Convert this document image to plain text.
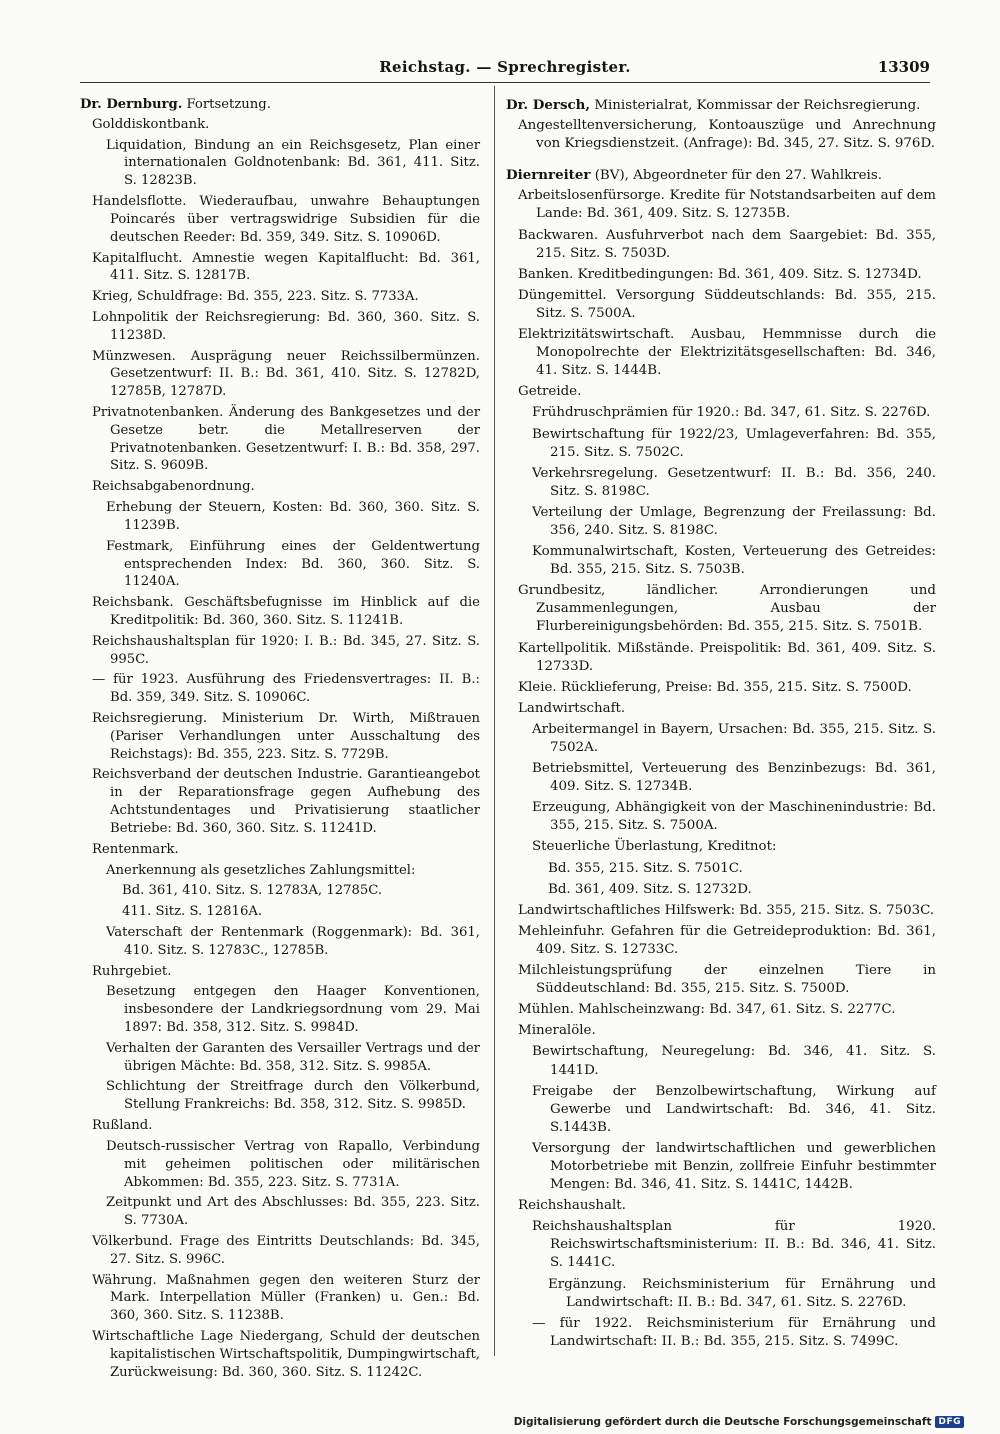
Reichstag. — Sprechregister.	13309
Dr. Dernburg. Fortsetzung.
Golddiskontbank.
Liquidation, Bindung an ein Reichsgesetz, Plan einer internationalen Goldnotenbank: Bd. 361, 411. Sitz. S. 12823B.
Handelsflotte. Wiederaufbau, unwahre Behauptungen Poincarés über vertragswidrige Subsidien für die deutschen Reeder: Bd. 359, 349. Sitz. S. 10906D.
Kapitalflucht. Amnestie wegen Kapitalflucht: Bd. 361, 411. Sitz. S. 12817B.
Krieg, Schuldfrage: Bd. 355, 223. Sitz. S. 7733A.
Lohnpolitik der Reichsregierung: Bd. 360, 360. Sitz. S. 11238D.
Münzwesen. Ausprägung neuer Reichssilbermünzen. Gesetzentwurf: II. B.: Bd. 361, 410. Sitz. S. 12782D, 12785B, 12787D.
Privatnotenbanken. Änderung des Bankgesetzes und der Gesetze betr. die Metallreserven der Privatnotenbanken. Gesetzentwurf: I. B.: Bd. 358, 297. Sitz. S. 9609B.
Reichsabgabenordnung.
Erhebung der Steuern, Kosten: Bd. 360, 360. Sitz. S. 11239B.
Festmark, Einführung eines der Geldentwertung entsprechenden Index: Bd. 360, 360. Sitz. S. 11240A.
Reichsbank. Geschäftsbefugnisse im Hinblick auf die Kreditpolitik: Bd. 360, 360. Sitz. S. 11241B.
Reichshaushaltsplan für 1920: I. B.: Bd. 345, 27. Sitz. S. 995C.
— für 1923. Ausführung des Friedensvertrages: II. B.: Bd. 359, 349. Sitz. S. 10906C.
Reichsregierung. Ministerium Dr. Wirth, Mißtrauen (Pariser Verhandlungen unter Ausschaltung des Reichstags): Bd. 355, 223. Sitz. S. 7729B.
Reichsverband der deutschen Industrie. Garantieangebot in der Reparationsfrage gegen Aufhebung des Achtstundentages und Privatisierung staatlicher Betriebe: Bd. 360, 360. Sitz. S. 11241D.
Rentenmark.
Anerkennung als gesetzliches Zahlungsmittel:
Bd. 361, 410. Sitz. S. 12783A, 12785C.
411. Sitz. S. 12816A.
Vaterschaft der Rentenmark (Roggenmark): Bd. 361, 410. Sitz. S. 12783C., 12785B.
Ruhrgebiet.
Besetzung entgegen den Haager Konventionen, insbesondere der Landkriegsordnung vom 29. Mai 1897: Bd. 358, 312. Sitz. S. 9984D.
Verhalten der Garanten des Versailler Vertrags und der übrigen Mächte: Bd. 358, 312. Sitz. S. 9985A.
Schlichtung der Streitfrage durch den Völkerbund, Stellung Frankreichs: Bd. 358, 312. Sitz. S. 9985D.
Rußland.
Deutsch-russischer Vertrag von Rapallo, Verbindung mit geheimen politischen oder militärischen Abkommen: Bd. 355, 223. Sitz. S. 7731A.
Zeitpunkt und Art des Abschlusses: Bd. 355, 223. Sitz. S. 7730A.
Völkerbund. Frage des Eintritts Deutschlands: Bd. 345, 27. Sitz. S. 996C.
Währung. Maßnahmen gegen den weiteren Sturz der Mark. Interpellation Müller (Franken) u. Gen.: Bd. 360, 360. Sitz. S. 11238B.
Wirtschaftliche Lage Niedergang, Schuld der deutschen kapitalistischen Wirtschaftspolitik, Dumpingwirtschaft, Zurückweisung: Bd. 360, 360. Sitz. S. 11242C.
Dr. Dersch, Ministerialrat, Kommissar der Reichsregierung.
Angestelltenversicherung, Kontoauszüge und Anrechnung von Kriegsdienstzeit. (Anfrage): Bd. 345, 27. Sitz. S. 976D.
Diernreiter (BV), Abgeordneter für den 27. Wahlkreis.
Arbeitslosenfürsorge. Kredite für Notstandsarbeiten auf dem Lande: Bd. 361, 409. Sitz. S. 12735B.
Backwaren. Ausfuhrverbot nach dem Saargebiet: Bd. 355, 215. Sitz. S. 7503D.
Banken. Kreditbedingungen: Bd. 361, 409. Sitz. S. 12734D.
Düngemittel. Versorgung Süddeutschlands: Bd. 355, 215. Sitz. S. 7500A.
Elektrizitätswirtschaft. Ausbau, Hemmnisse durch die Monopolrechte der Elektrizitätsgesellschaften: Bd. 346, 41. Sitz. S. 1444B.
Getreide.
Frühdruschprämien für 1920.: Bd. 347, 61. Sitz. S. 2276D.
Bewirtschaftung für 1922/23, Umlageverfahren: Bd. 355, 215. Sitz. S. 7502C.
Verkehrsregelung. Gesetzentwurf: II. B.: Bd. 356, 240. Sitz. S. 8198C.
Verteilung der Umlage, Begrenzung der Freilassung: Bd. 356, 240. Sitz. S. 8198C.
Kommunalwirtschaft, Kosten, Verteuerung des Getreides: Bd. 355, 215. Sitz. S. 7503B.
Grundbesitz, ländlicher. Arrondierungen und Zusammenlegungen, Ausbau der Flurbereinigungsbehörden: Bd. 355, 215. Sitz. S. 7501B.
Kartellpolitik. Mißstände. Preispolitik: Bd. 361, 409. Sitz. S. 12733D.
Kleie. Rücklieferung, Preise: Bd. 355, 215. Sitz. S. 7500D.
Landwirtschaft.
Arbeitermangel in Bayern, Ursachen: Bd. 355, 215. Sitz. S. 7502A.
Betriebsmittel, Verteuerung des Benzinbezugs: Bd. 361, 409. Sitz. S. 12734B.
Erzeugung, Abhängigkeit von der Maschinenindustrie: Bd. 355, 215. Sitz. S. 7500A.
Steuerliche Überlastung, Kreditnot:
Bd. 355, 215. Sitz. S. 7501C.
Bd. 361, 409. Sitz. S. 12732D.
Landwirtschaftliches Hilfswerk: Bd. 355, 215. Sitz. S. 7503C.
Mehleinfuhr. Gefahren für die Getreideproduktion: Bd. 361, 409. Sitz. S. 12733C.
Milchleistungsprüfung der einzelnen Tiere in Süddeutschland: Bd. 355, 215. Sitz. S. 7500D.
Mühlen. Mahlscheinzwang: Bd. 347, 61. Sitz. S. 2277C.
Mineralöle.
Bewirtschaftung, Neuregelung: Bd. 346, 41. Sitz. S. 1441D.
Freigabe der Benzolbewirtschaftung, Wirkung auf Gewerbe und Landwirtschaft: Bd. 346, 41. Sitz. S.1443B.
Versorgung der landwirtschaftlichen und gewerblichen Motorbetriebe mit Benzin, zollfreie Einfuhr bestimmter Mengen: Bd. 346, 41. Sitz. S. 1441C, 1442B.
Reichshaushalt.
Reichshaushaltsplan für 1920. Reichswirtschaftsministerium: II. B.: Bd. 346, 41. Sitz. S. 1441C.
Ergänzung. Reichsministerium für Ernährung und Landwirtschaft: II. B.: Bd. 347, 61. Sitz. S. 2276D.
— für 1922. Reichsministerium für Ernährung und Landwirtschaft: II. B.: Bd. 355, 215. Sitz. S. 7499C.
Digitalisierung gefördert durch die Deutsche Forschungsgemeinschaft DFG
